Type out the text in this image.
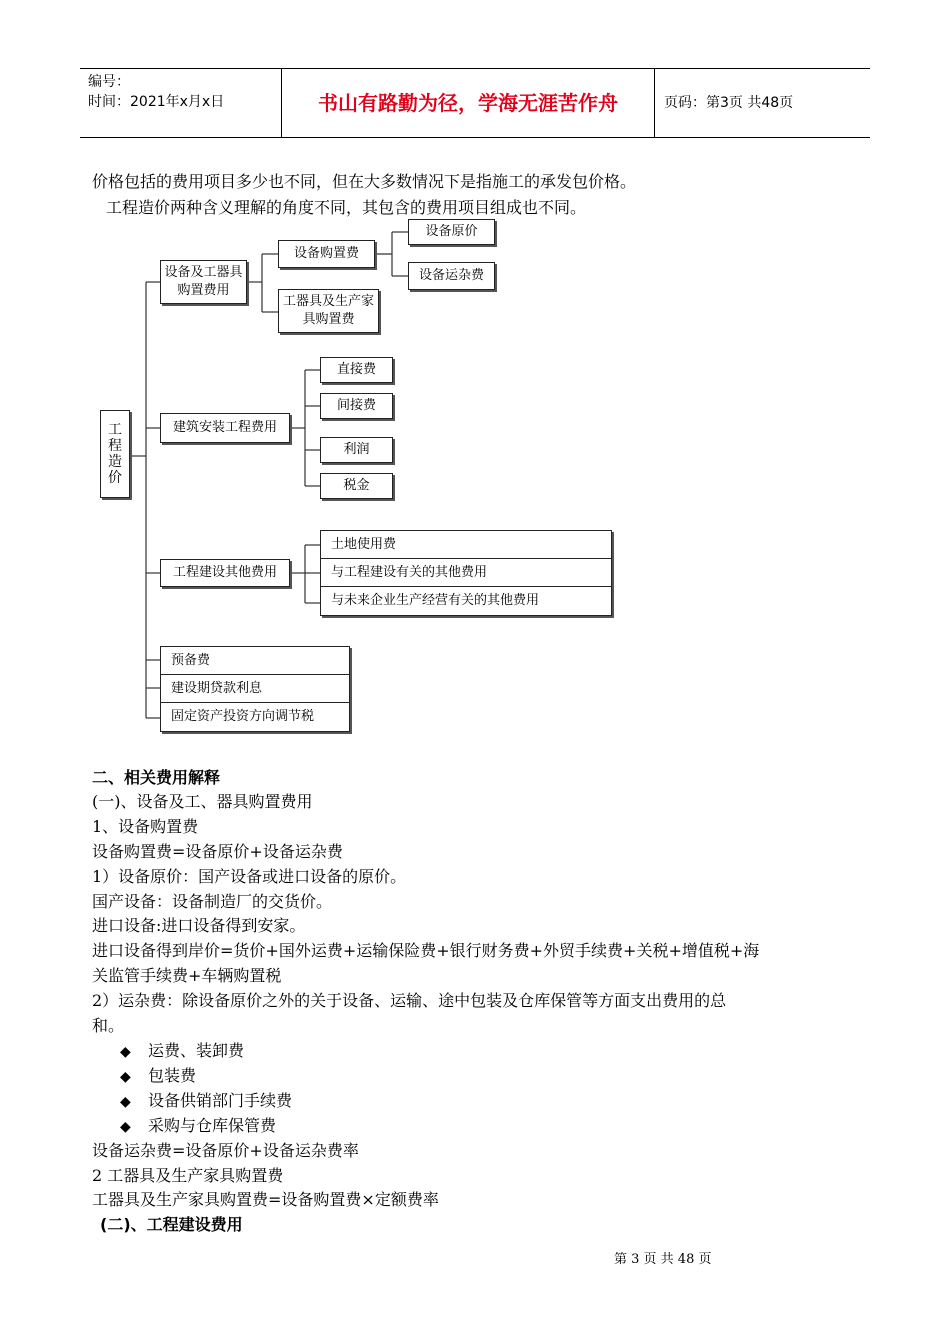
编号：
时间：2021年x月x日	书山有路勤为径，学海无涯苦作舟	页码：第3页 共48页
价格包括的费用项目多少也不同，但在大多数情况下是指施工的承发包价格。
工程造价两种含义理解的角度不同，其包含的费用项目组成也不同。
工程造价
设备及工器具购置费用
设备购置费
设备原价
设备运杂费
工器具及生产家具购置费
建筑安装工程费用
直接费
间接费
利润
税金
工程建设其他费用
土地使用费
与工程建设有关的其他费用
与未来企业生产经营有关的其他费用
预备费
建设期贷款利息
固定资产投资方向调节税
二、相关费用解释
(一)、设备及工、器具购置费用
1、设备购置费
设备购置费=设备原价+设备运杂费
1）设备原价：国产设备或进口设备的原价。
国产设备：设备制造厂的交货价。
进口设备:进口设备得到安家。
进口设备得到岸价=货价+国外运费+运输保险费+银行财务费+外贸手续费+关税+增值税+海
关监管手续费+车辆购置税
2）运杂费：除设备原价之外的关于设备、运输、途中包装及仓库保管等方面支出费用的总
和。
◆ 运费、装卸费
◆ 包装费
◆ 设备供销部门手续费
◆ 采购与仓库保管费
设备运杂费=设备原价+设备运杂费率
2 工器具及生产家具购置费
工器具及生产家具购置费=设备购置费×定额费率
(二)、工程建设费用
第 3 页 共 48 页
